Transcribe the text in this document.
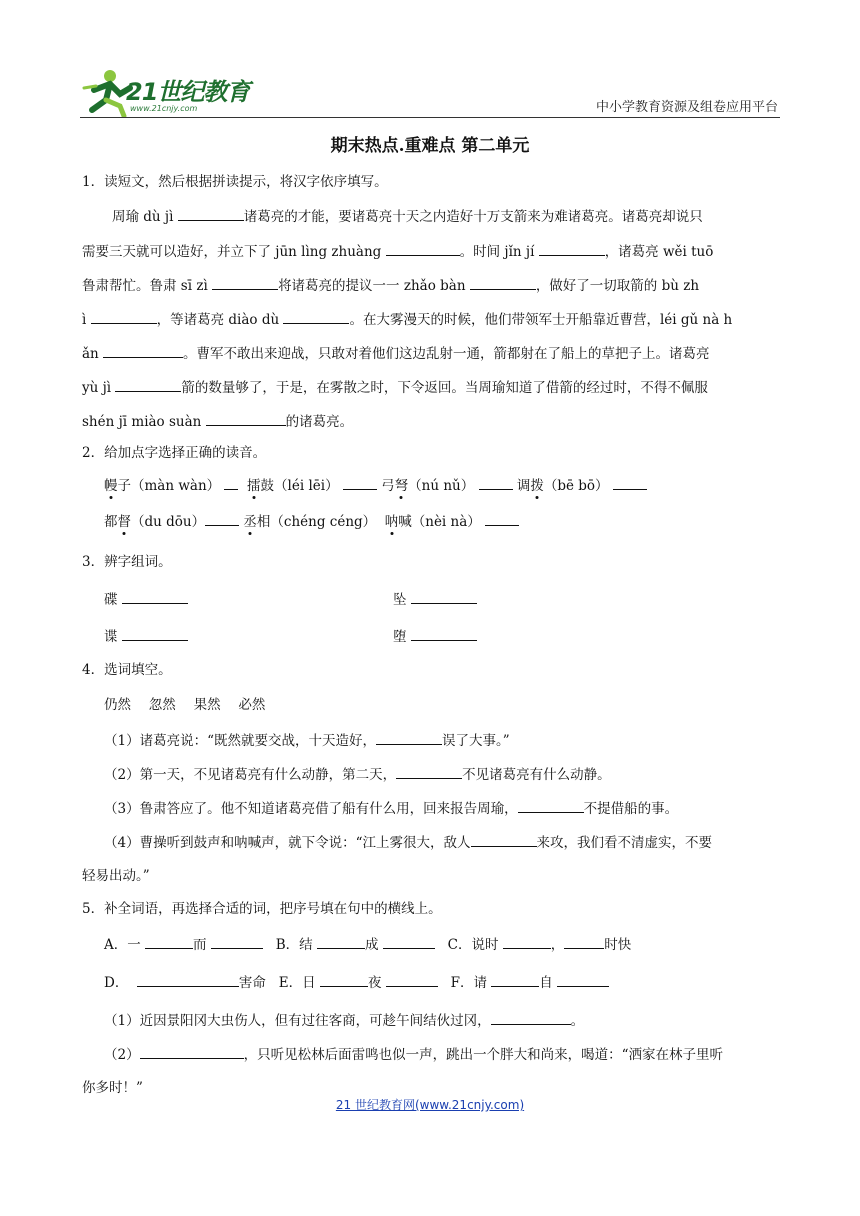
21世纪教育
www.21cnjy.com	中小学教育资源及组卷应用平台
期末热点.重难点 第二单元
1．读短文，然后根据拼读提示，将汉字依序填写。
周瑜 dù jì	诸葛亮的才能，要诸葛亮十天之内造好十万支箭来为难诸葛亮。诸葛亮却说只
需要三天就可以造好，并立下了 jūn lìng zhuàng	。时间 jǐn jí	，诸葛亮 wěi tuō
鲁肃帮忙。鲁肃 sī zì	将诸葛亮的提议一一 zhǎo bàn	，做好了一切取箭的 bù zh
ì	，等诸葛亮 diào dù	。在大雾漫天的时候，他们带领军士开船靠近曹营，léi gǔ nà h
ǎn	。曹军不敢出来迎战，只敢对着他们这边乱射一通，箭都射在了船上的草把子上。诸葛亮
yù jì	箭的数量够了，于是，在雾散之时，下令返回。当周瑜知道了借箭的经过时，不得不佩服
shén jī miào suàn	的诸葛亮。
2．给加点字选择正确的读音。
幔子（màn wàn） 擂鼓（léi lēi）	弓弩（nú nǔ）	调拨（bē bō）
都督（du dōu）	丞相（chéng céng） 呐喊（nèi nà）
3．辨字组词。
碟	坠
谍	堕
4．选词填空。
仍然　 忽然　 果然　 必然
（1）诸葛亮说：“既然就要交战，十天造好，	误了大事。”
（2）第一天，不见诸葛亮有什么动静，第二天，	不见诸葛亮有什么动静。
（3）鲁肃答应了。他不知道诸葛亮借了船有什么用，回来报告周瑜，	不提借船的事。
（4）曹操听到鼓声和呐喊声，就下令说：“江上雾很大，敌人	来攻，我们看不清虚实，不要
轻易出动。”
5．补全词语，再选择合适的词，把序号填在句中的横线上。
A．一	而	B．结	成	C．说时	，	时快
D．	害命 E．日	夜	F．请	自
（1）近因景阳冈大虫伤人，但有过往客商，可趁午间结伙过冈，	。
（2）	，只听见松林后面雷鸣也似一声，跳出一个胖大和尚来，喝道：“洒家在林子里听
你多时！”
21 世纪教育网(www.21cnjy.com)
